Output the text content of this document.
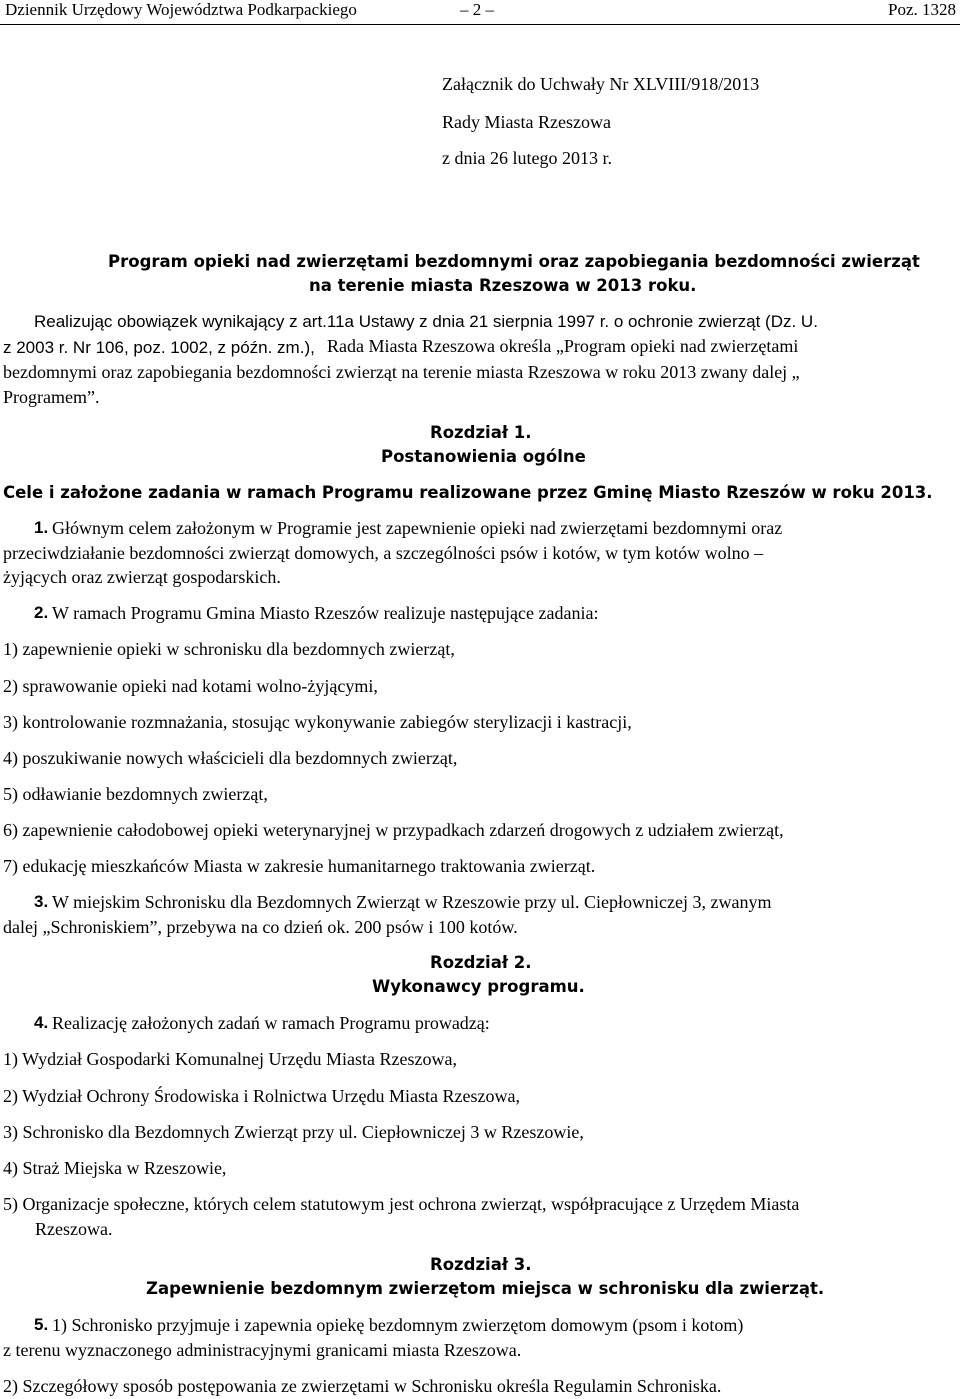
Dziennik Urzędowy Województwa Podkarpackiego	– 2 –	Poz. 1328
Załącznik do Uchwały Nr XLVIII/918/2013
Rady Miasta Rzeszowa
z dnia 26 lutego 2013 r.
Program opieki nad zwierzętami bezdomnymi oraz zapobiegania bezdomności zwierząt
na terenie miasta Rzeszowa w 2013 roku.
Realizując obowiązek wynikający z art.11a Ustawy z dnia 21 sierpnia 1997 r. o ochronie zwierząt (Dz. U.
z 2003 r. Nr 106, poz. 1002, z późn. zm.), Rada Miasta Rzeszowa określa „Program opieki nad zwierzętami
bezdomnymi oraz zapobiegania bezdomności zwierząt na terenie miasta Rzeszowa w roku 2013 zwany dalej „
Programem”.
Rozdział 1.
Postanowienia ogólne
Cele i założone zadania w ramach Programu realizowane przez Gminę Miasto Rzeszów w roku 2013.
1. Głównym celem założonym w Programie jest zapewnienie opieki nad zwierzętami bezdomnymi oraz
przeciwdziałanie bezdomności zwierząt domowych, a szczególności psów i kotów, w tym kotów wolno –
żyjących oraz zwierząt gospodarskich.
2. W ramach Programu Gmina Miasto Rzeszów realizuje następujące zadania:
1) zapewnienie opieki w schronisku dla bezdomnych zwierząt,
2) sprawowanie opieki nad kotami wolno-żyjącymi,
3) kontrolowanie rozmnażania, stosując wykonywanie zabiegów sterylizacji i kastracji,
4) poszukiwanie nowych właścicieli dla bezdomnych zwierząt,
5) odławianie bezdomnych zwierząt,
6) zapewnienie całodobowej opieki weterynaryjnej w przypadkach zdarzeń drogowych z udziałem zwierząt,
7) edukację mieszkańców Miasta w zakresie humanitarnego traktowania zwierząt.
3. W miejskim Schronisku dla Bezdomnych Zwierząt w Rzeszowie przy ul. Ciepłowniczej 3, zwanym
dalej „Schroniskiem”, przebywa na co dzień ok. 200 psów i 100 kotów.
Rozdział 2.
Wykonawcy programu.
4. Realizację założonych zadań w ramach Programu prowadzą:
1) Wydział Gospodarki Komunalnej Urzędu Miasta Rzeszowa,
2) Wydział Ochrony Środowiska i Rolnictwa Urzędu Miasta Rzeszowa,
3) Schronisko dla Bezdomnych Zwierząt przy ul. Ciepłowniczej 3 w Rzeszowie,
4) Straż Miejska w Rzeszowie,
5) Organizacje społeczne, których celem statutowym jest ochrona zwierząt, współpracujące z Urzędem Miasta
Rzeszowa.
Rozdział 3.
Zapewnienie bezdomnym zwierzętom miejsca w schronisku dla zwierząt.
5. 1) Schronisko przyjmuje i zapewnia opiekę bezdomnym zwierzętom domowym (psom i kotom)
z terenu wyznaczonego administracyjnymi granicami miasta Rzeszowa.
2) Szczegółowy sposób postępowania ze zwierzętami w Schronisku określa Regulamin Schroniska.
